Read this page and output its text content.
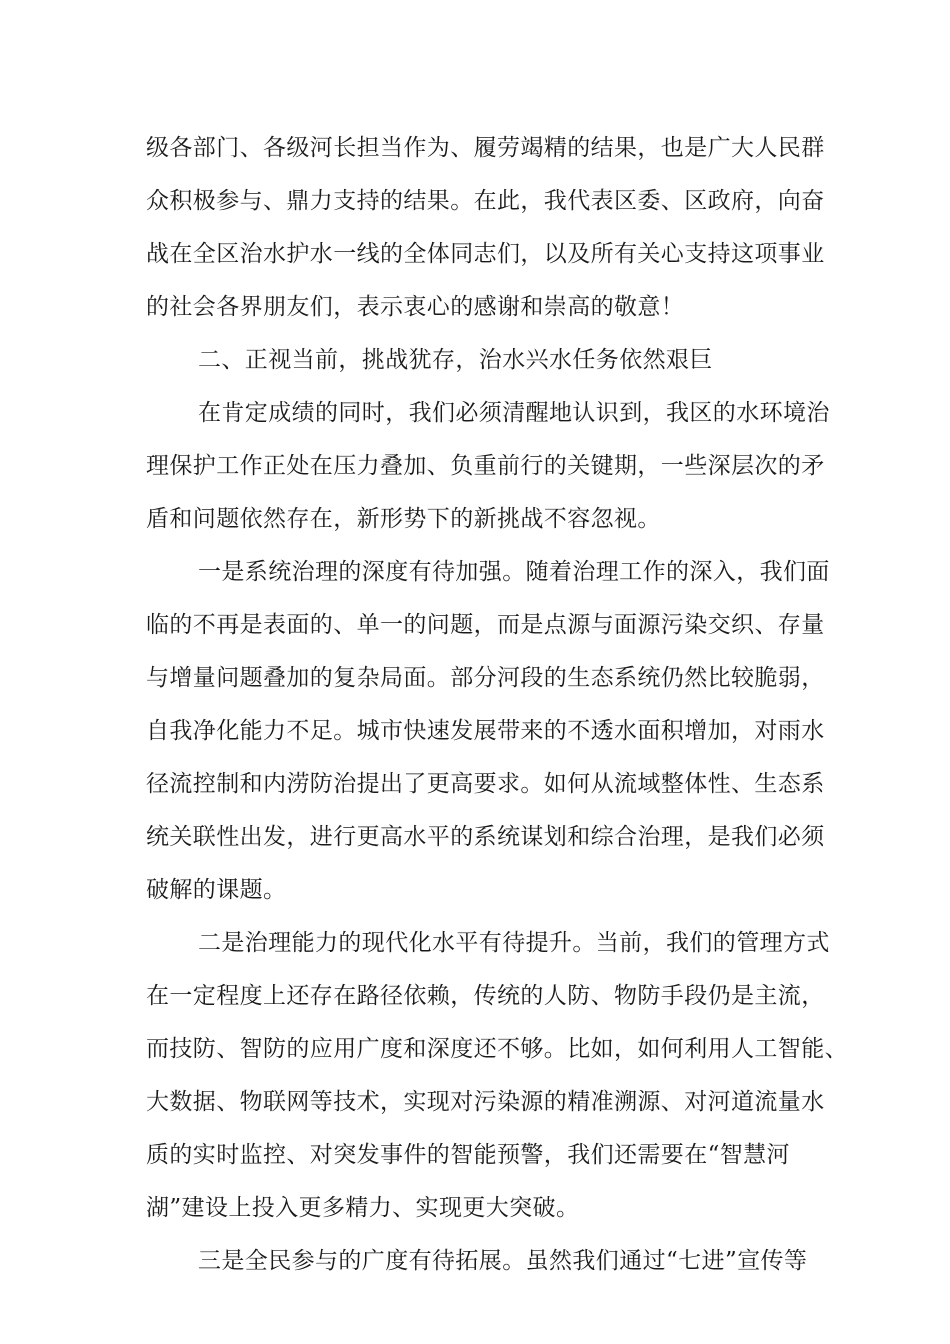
级各部门、各级河长担当作为、履劳竭精的结果，也是广大人民群
众积极参与、鼎力支持的结果。在此，我代表区委、区政府，向奋
战在全区治水护水一线的全体同志们，以及所有关心支持这项事业
的社会各界朋友们，表示衷心的感谢和崇高的敬意！
二、正视当前，挑战犹存，治水兴水任务依然艰巨
在肯定成绩的同时，我们必须清醒地认识到，我区的水环境治
理保护工作正处在压力叠加、负重前行的关键期，一些深层次的矛
盾和问题依然存在，新形势下的新挑战不容忽视。
一是系统治理的深度有待加强。随着治理工作的深入，我们面
临的不再是表面的、单一的问题，而是点源与面源污染交织、存量
与增量问题叠加的复杂局面。部分河段的生态系统仍然比较脆弱，
自我净化能力不足。城市快速发展带来的不透水面积增加，对雨水
径流控制和内涝防治提出了更高要求。如何从流域整体性、生态系
统关联性出发，进行更高水平的系统谋划和综合治理，是我们必须
破解的课题。
二是治理能力的现代化水平有待提升。当前，我们的管理方式
在一定程度上还存在路径依赖，传统的人防、物防手段仍是主流，
而技防、智防的应用广度和深度还不够。比如，如何利用人工智能、
大数据、物联网等技术，实现对污染源的精准溯源、对河道流量水
质的实时监控、对突发事件的智能预警，我们还需要在“智慧河
湖”建设上投入更多精力、实现更大突破。
三是全民参与的广度有待拓展。虽然我们通过“七进”宣传等
